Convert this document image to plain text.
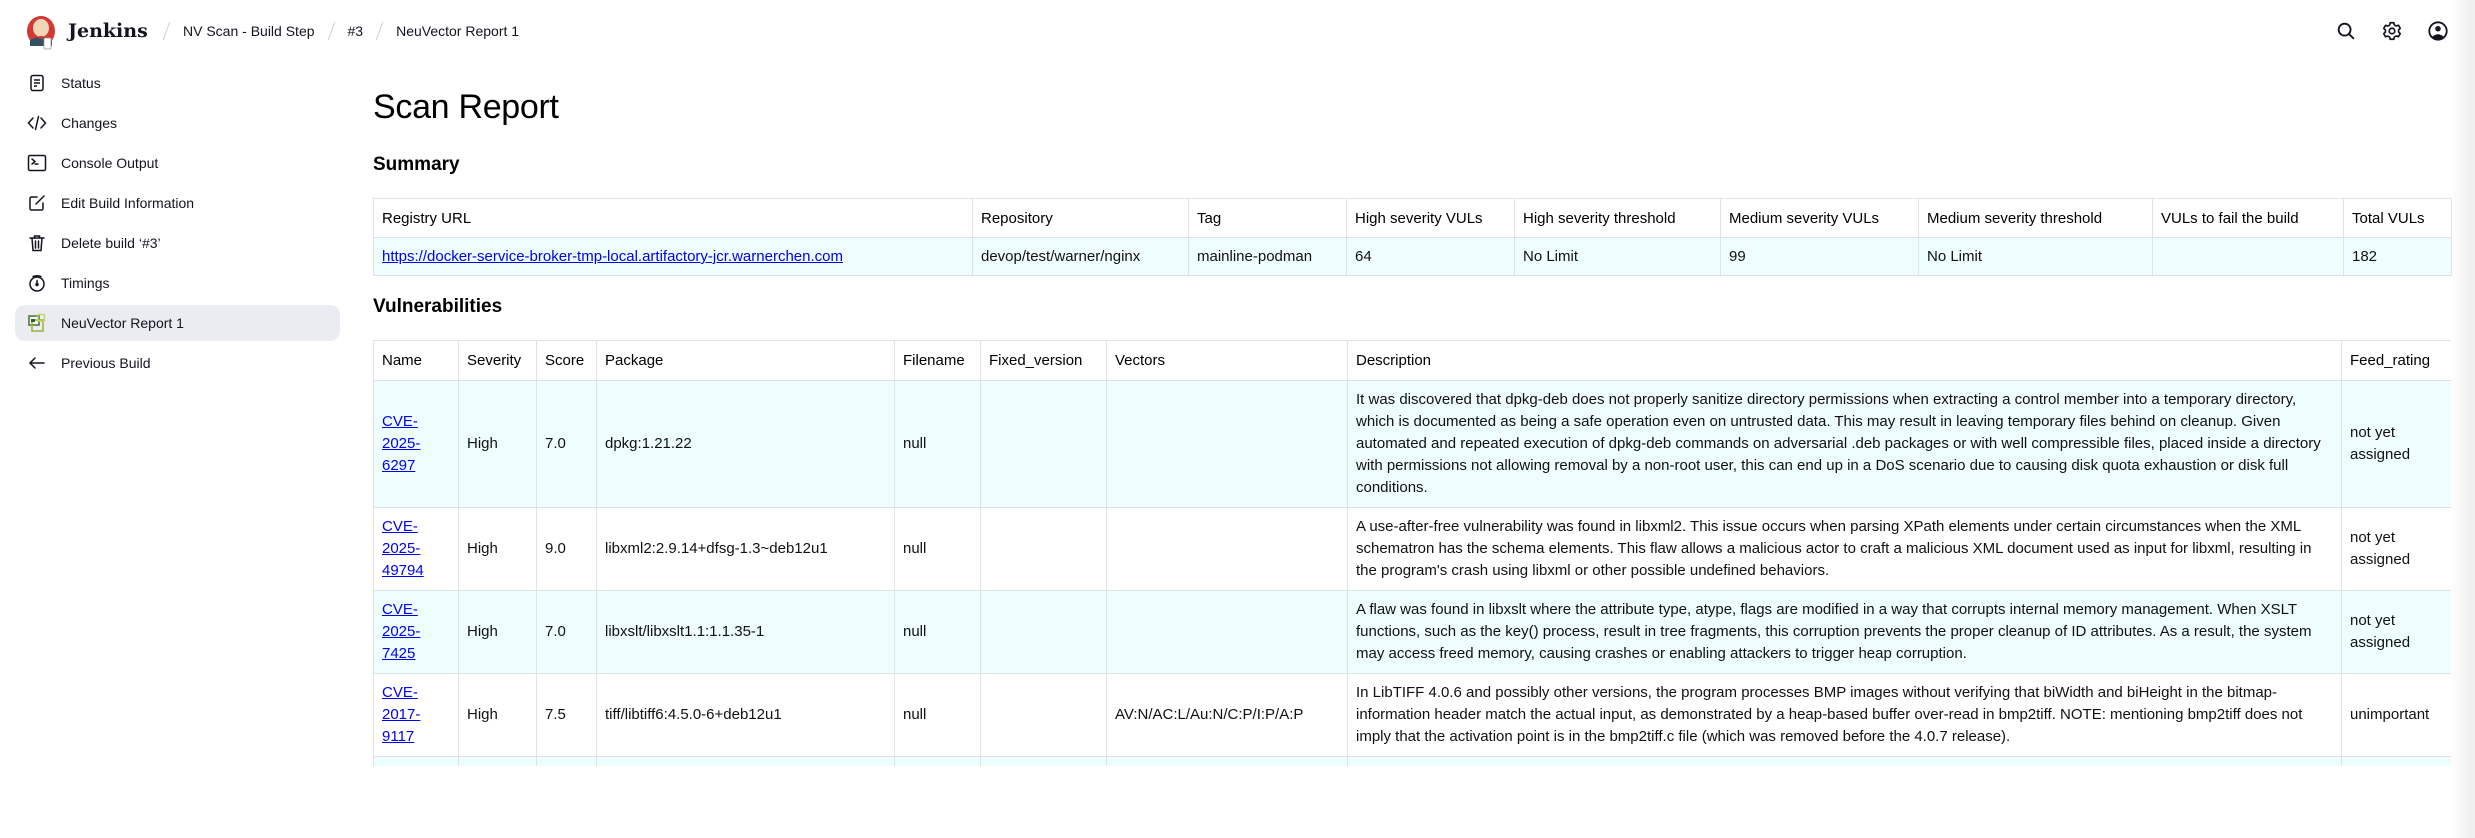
Jenkins	NV Scan - Build Step #3 NeuVector Report 1
Status
Changes
Console Output
Edit Build Information
Delete build ‘#3’
Timings
NeuVector Report 1
Previous Build
Scan Report
Summary
Registry URL	Repository	Tag	High severity VULs	High severity threshold	Medium severity VULs	Medium severity threshold	VULs to fail the build	Total VULs
https://docker-service-broker-tmp-local.artifactory-jcr.warnerchen.com	devop/test/warner/nginx	mainline-podman	64	No Limit	99	No Limit		182
Vulnerabilities
Name	Severity	Score	Package	Filename	Fixed_version	Vectors	Description	Feed_rating
CVE-2025-6297	High	7.0	dpkg:1.21.22	null			It was discovered that dpkg-deb does not properly sanitize directory permissions when extracting a control member into a temporary directory, which is documented as being a safe operation even on untrusted data. This may result in leaving temporary files behind on cleanup. Given automated and repeated execution of dpkg-deb commands on adversarial .deb packages or with well compressible files, placed inside a directory with permissions not allowing removal by a non-root user, this can end up in a DoS scenario due to causing disk quota exhaustion or disk full conditions.	not yet assigned
CVE-2025-49794	High	9.0	libxml2:2.9.14+dfsg-1.3~deb12u1	null			A use-after-free vulnerability was found in libxml2. This issue occurs when parsing XPath elements under certain circumstances when the XML schematron has the schema elements. This flaw allows a malicious actor to craft a malicious XML document used as input for libxml, resulting in the program's crash using libxml or other possible undefined behaviors.	not yet assigned
CVE-2025-7425	High	7.0	libxslt/libxslt1.1:1.1.35-1	null			A flaw was found in libxslt where the attribute type, atype, flags are modified in a way that corrupts internal memory management. When XSLT functions, such as the key() process, result in tree fragments, this corruption prevents the proper cleanup of ID attributes. As a result, the system may access freed memory, causing crashes or enabling attackers to trigger heap corruption.	not yet assigned
CVE-2017-9117	High	7.5	tiff/libtiff6:4.5.0-6+deb12u1	null		AV:N/AC:L/Au:N/C:P/I:P/A:P	In LibTIFF 4.0.6 and possibly other versions, the program processes BMP images without verifying that biWidth and biHeight in the bitmap-information header match the actual input, as demonstrated by a heap-based buffer over-read in bmp2tiff. NOTE: mentioning bmp2tiff does not imply that the activation point is in the bmp2tiff.c file (which was removed before the 4.0.7 release).	unimportant
